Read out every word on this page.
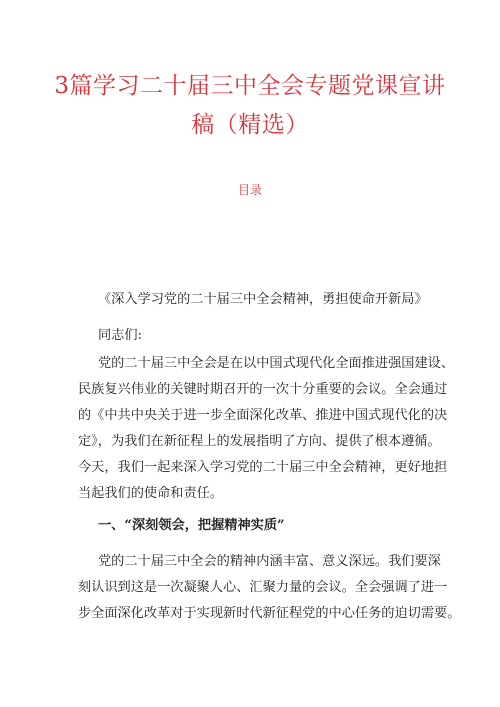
3篇学习二十届三中全会专题党课宣讲
稿（精选）
目录
《深入学习党的二十届三中全会精神，勇担使命开新局》
同志们:
党的二十届三中全会是在以中国式现代化全面推进强国建设、
民族复兴伟业的关键时期召开的一次十分重要的会议。全会通过
的《中共中央关于进一步全面深化改革、推进中国式现代化的决
定》，为我们在新征程上的发展指明了方向、提供了根本遵循。
今天，我们一起来深入学习党的二十届三中全会精神，更好地担
当起我们的使命和责任。
一、“深刻领会，把握精神实质”
党的二十届三中全会的精神内涵丰富、意义深远。我们要深
刻认识到这是一次凝聚人心、汇聚力量的会议。全会强调了进一
步全面深化改革对于实现新时代新征程党的中心任务的迫切需要。
